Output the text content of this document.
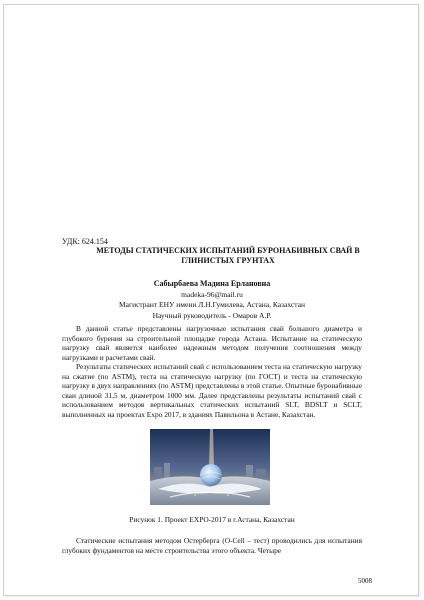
УДК: 624.154
МЕТОДЫ СТАТИЧЕСКИХ ИСПЫТАНИЙ БУРОНАБИВНЫХ СВАЙ В ГЛИНИСТЫХ ГРУНТАХ
Сабырбаева Мадина Ерлановна
madeka-96@mail.ru
Магистрант ЕНУ имени Л.Н.Гумилева, Астана, Казахстан
Научный руководитель - Омаров А.Р.

В данной статье представлены нагрузочные испытания свай большого диаметра и глубокого бурения на строительной площадке города Астана. Испытание на статическую нагрузку свай является наиболее надежным методом получения соотношения между нагрузками и расчетами свай.

Результаты статических испытаний свай с использованием теста на статическую нагрузку на сжатие (по ASTM), теста на статическую нагрузку (по ГОСТ) и теста на статическую нагрузку в двух направлениях (по ASTM) представлены в этой статье. Опытные буронабивные сваи длиной 31,5 м, диаметром 1000 мм. Далее представлены результаты испытаний свай с использованием методов вертикальных статических испытаний SLT, BDSLT и SCLT, выполненных на проектах Expo 2017, в зданиях Павильона в Астане, Казахстан.

Рисунок 1. Проект EXPO-2017 в г.Астана, Казахстан

Статические испытания методом Остерберга (O-Cell – тест) проводились для испытания глубоких фундаментов на месте строительства этого объекта. Четыре

5008
